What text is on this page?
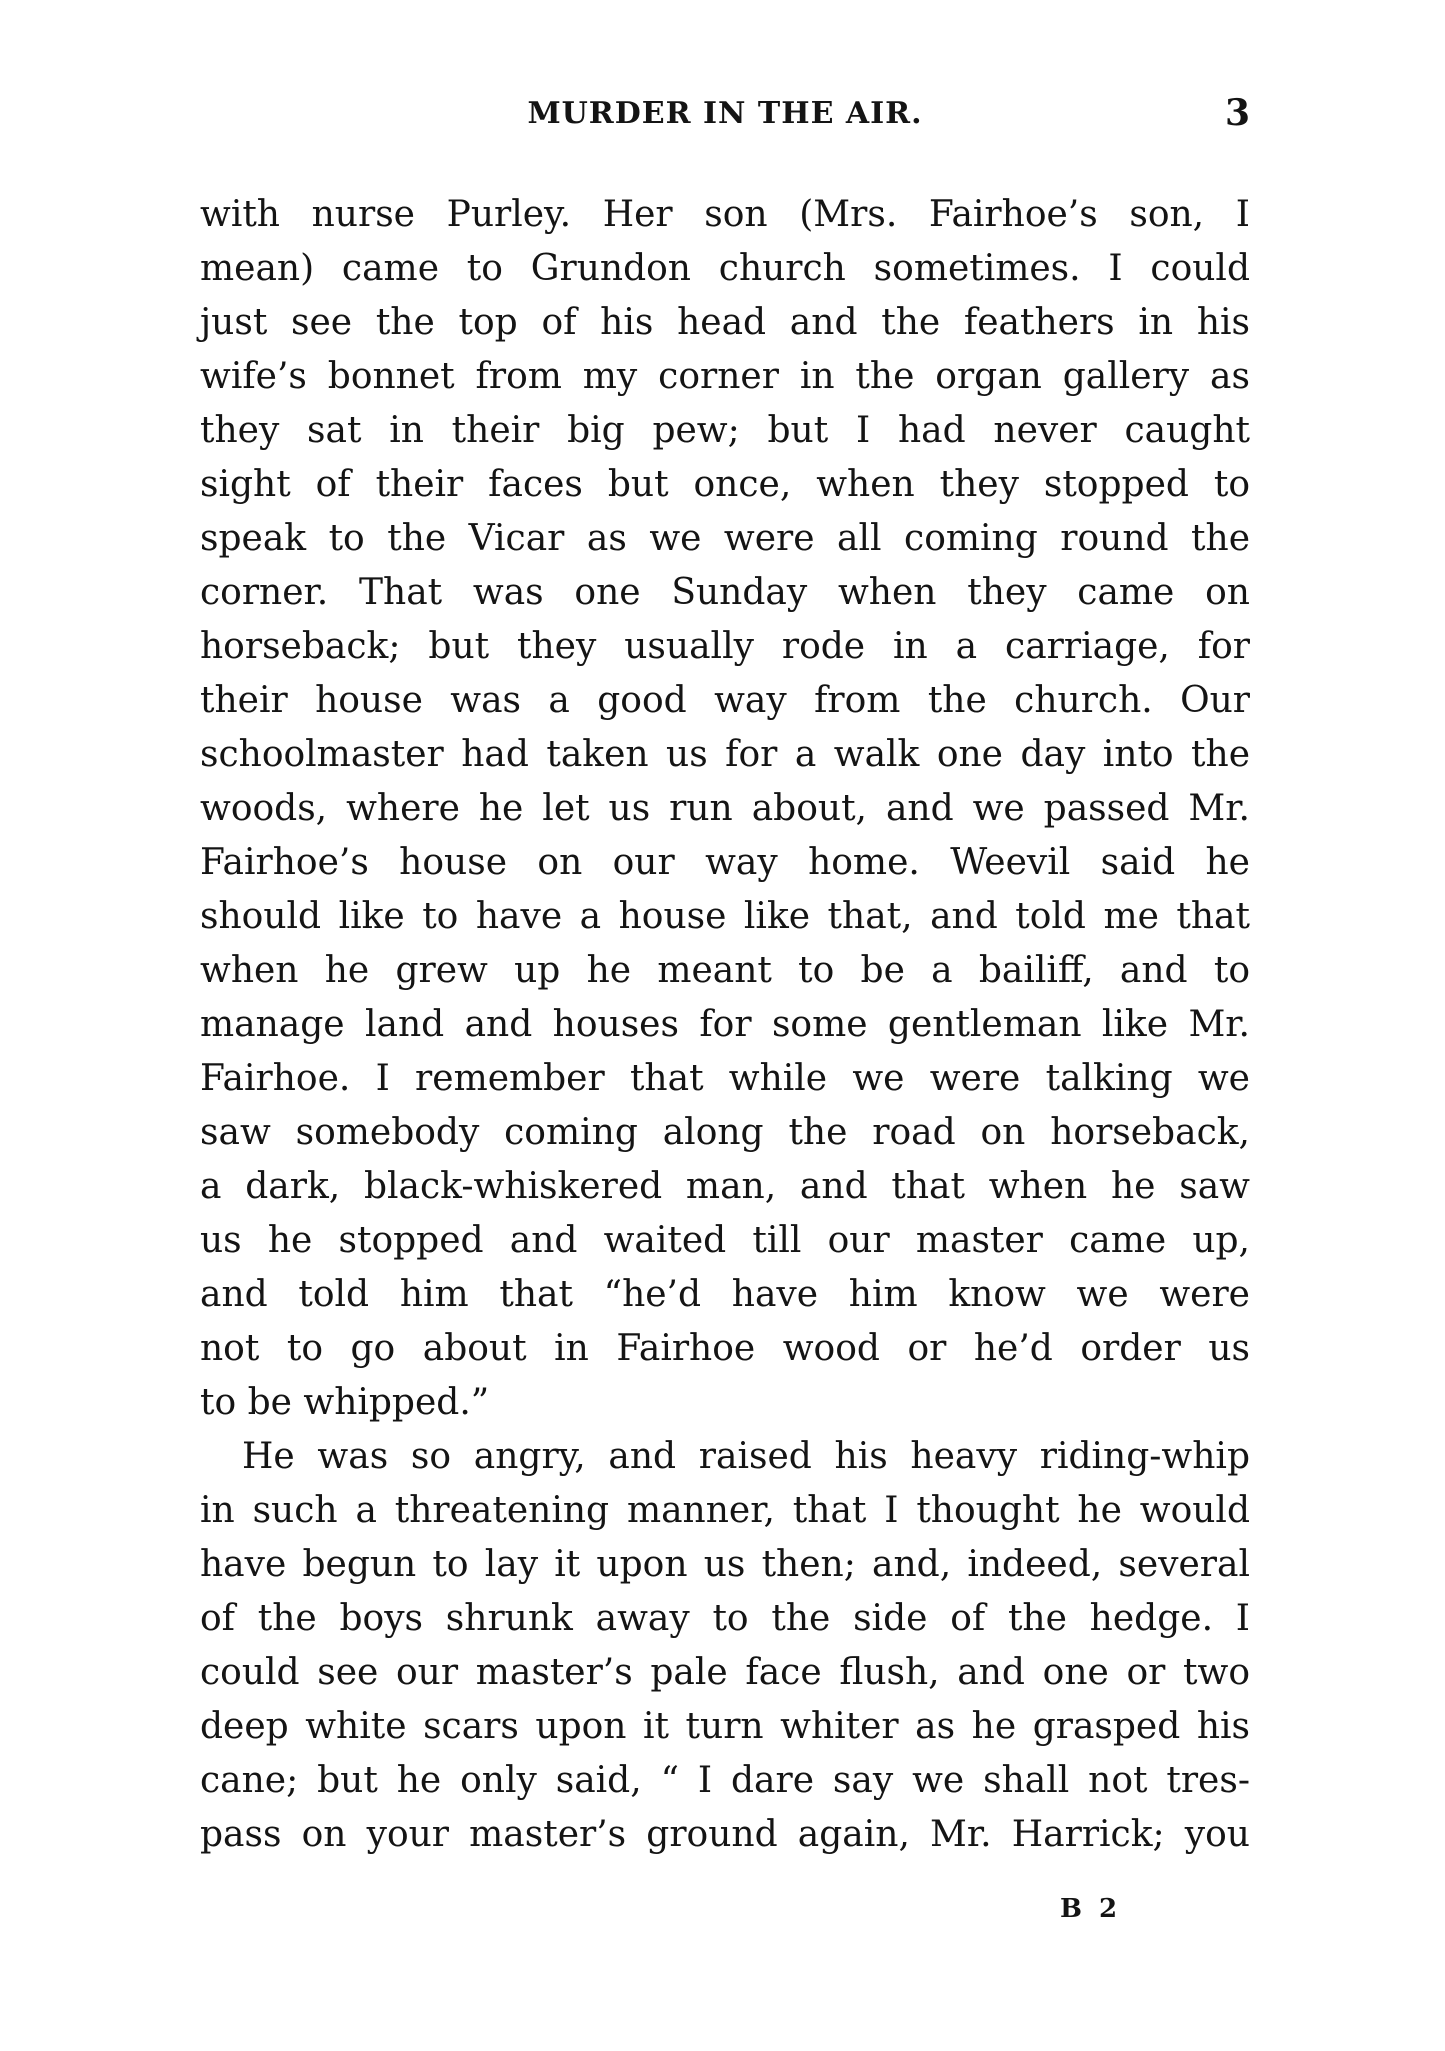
MURDER IN THE AIR.	3
with nurse Purley. Her son (Mrs. Fairhoe’s son, I
mean) came to Grundon church sometimes. I could
just see the top of his head and the feathers in his
wife’s bonnet from my corner in the organ gallery as
they sat in their big pew; but I had never caught
sight of their faces but once, when they stopped to
speak to the Vicar as we were all coming round the
corner. That was one Sunday when they came on
horseback; but they usually rode in a carriage, for
their house was a good way from the church. Our
schoolmaster had taken us for a walk one day into the
woods, where he let us run about, and we passed Mr.
Fairhoe’s house on our way home. Weevil said he
should like to have a house like that, and told me that
when he grew up he meant to be a bailiff, and to
manage land and houses for some gentleman like Mr.
Fairhoe. I remember that while we were talking we
saw somebody coming along the road on horseback,
a dark, black-whiskered man, and that when he saw
us he stopped and waited till our master came up,
and told him that “he’d have him know we were
not to go about in Fairhoe wood or he’d order us
to be whipped.”
He was so angry, and raised his heavy riding-whip
in such a threatening manner, that I thought he would
have begun to lay it upon us then; and, indeed, several
of the boys shrunk away to the side of the hedge. I
could see our master’s pale face flush, and one or two
deep white scars upon it turn whiter as he grasped his
cane; but he only said, “ I dare say we shall not tres-
pass on your master’s ground again, Mr. Harrick; you
B 2
